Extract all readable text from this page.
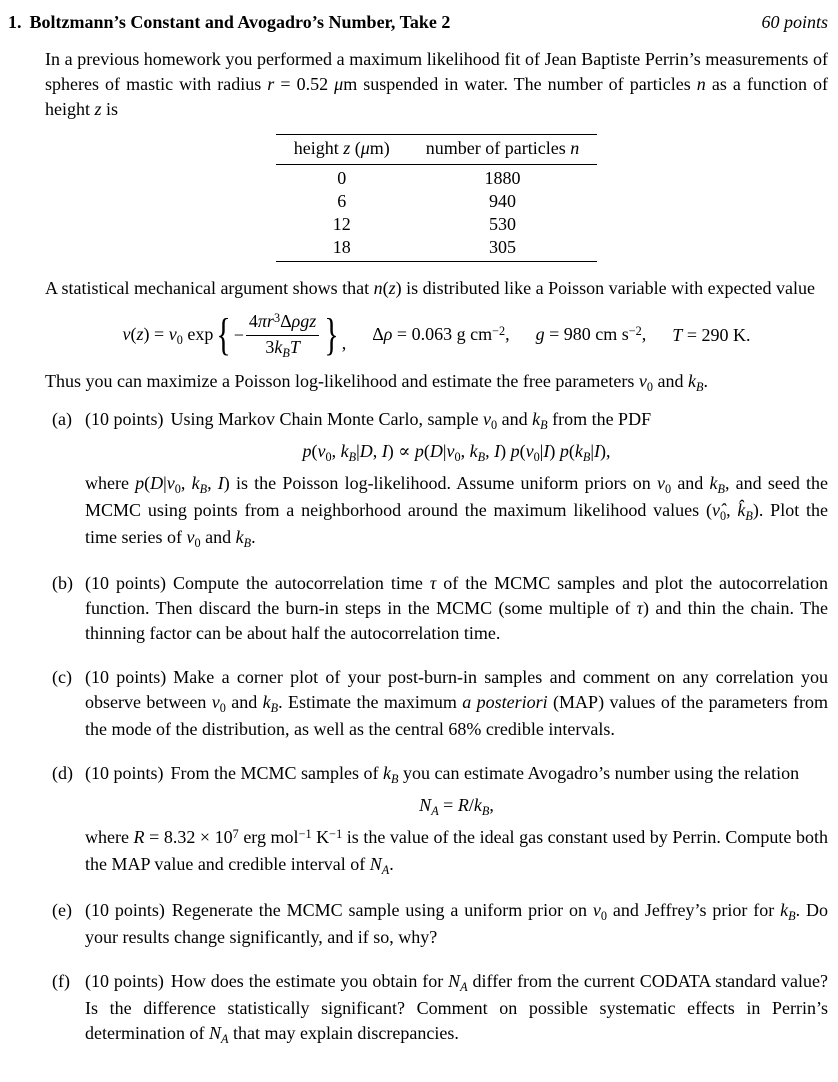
1. Boltzmann’s Constant and Avogadro’s Number, Take 2	60 points

In a previous homework you performed a maximum likelihood fit of Jean Baptiste Perrin’s measurements of spheres of mastic with radius r = 0.52 μm suspended in water. The number of particles n as a function of height z is

height z (μm)	number of particles n
0	1880
6	940
12	530
18	305

A statistical mechanical argument shows that n(z) is distributed like a Poisson variable with expected value

$\nu(z) = \nu_0$ exp { − $\frac{4\pi r^3\Delta\rho gz}{3k_BT}$ } , Δρ = 0.063 g $cm^{-2}$, g = 980 cm $s^{-2}$, T = 290 K.

Thus you can maximize a Poisson log-likelihood and estimate the free parameters $\nu_0$ and $k_B$.

(a) (10 points) Using Markov Chain Monte Carlo, sample $\nu_0$ and $k_B$ from the PDF

$p(\nu_0$, $k_B|D$, $I) \propto p(D|\nu_0$, $k_B$, I) $p(\nu_0|I)$ $p(k_B|I)$,

where $p(D|\nu_0$, $k_B$, I) is the Poisson log-likelihood. Assume uniform priors on $\nu_0$ and $k_B$, and seed the MCMC using points from a neighborhood around the maximum likelihood values ($\nû_0$, $k̂_B$). Plot the time series of $\nu_0$ and $k_B$.

(b) (10 points) Compute the autocorrelation time τ of the MCMC samples and plot the autocorrelation function. Then discard the burn-in steps in the MCMC (some multiple of τ) and thin the chain. The thinning factor can be about half the autocorrelation time.

(c) (10 points) Make a corner plot of your post-burn-in samples and comment on any correlation you observe between $\nu_0$ and $k_B$. Estimate the maximum a posteriori (MAP) values of the parameters from the mode of the distribution, as well as the central 68% credible intervals.

(d) (10 points) From the MCMC samples of $k_B$ you can estimate Avogadro’s number using the relation

$N_A = R/k_B$,

where $R = 8.32 \times 10^7$ erg mol$^{-1}$ $K^{-1}$ is the value of the ideal gas constant used by Perrin. Compute both the MAP value and credible interval of $N_A$.

(e) (10 points) Regenerate the MCMC sample using a uniform prior on $\nu_0$ and Jeffrey’s prior for $k_B$. Do your results change significantly, and if so, why?

(f) (10 points) How does the estimate you obtain for $N_A$ differ from the current CODATA standard value? Is the difference statistically significant? Comment on possible systematic effects in Perrin’s determination of $N_A$ that may explain discrepancies.
